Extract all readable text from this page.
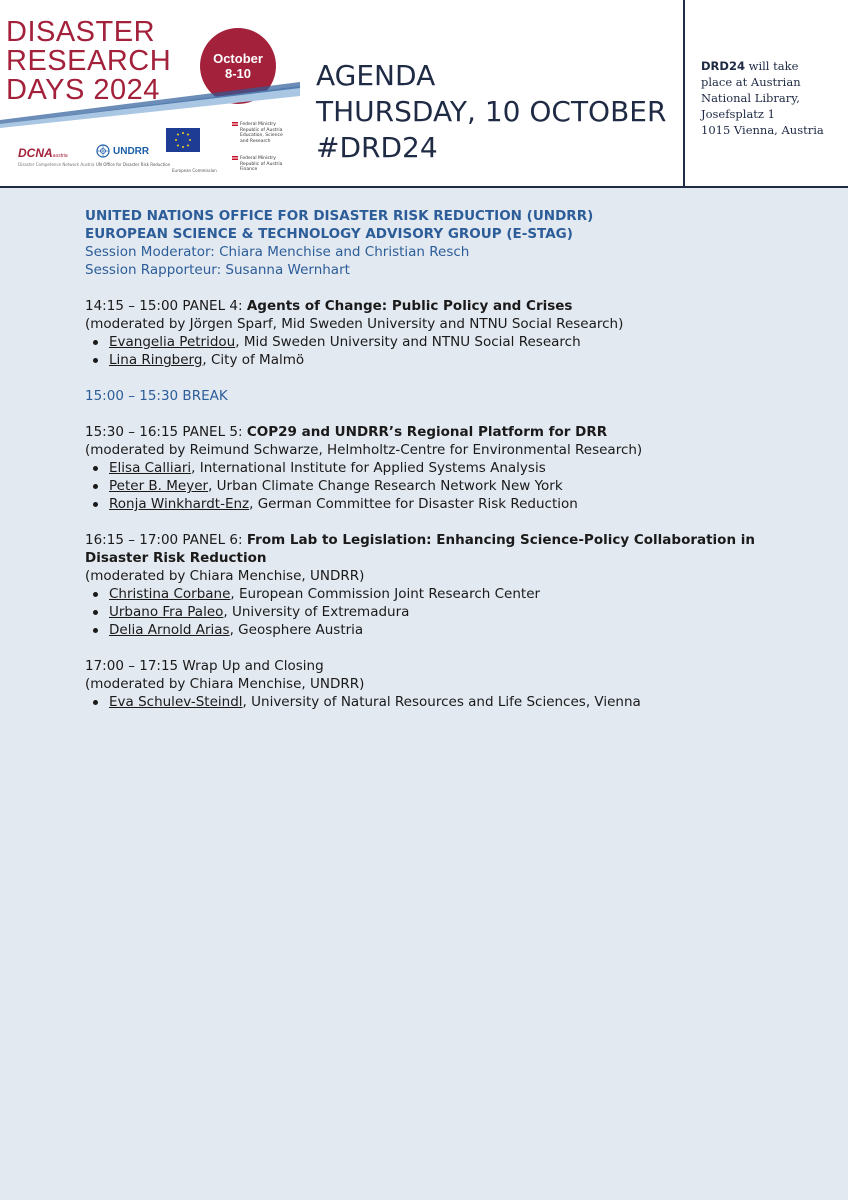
DISASTER
RESEARCH
DAYS 2024
October
8-10
DCNAaustria
Disaster Competence Network Austria
UNDRR
UN Office for Disaster Risk Reduction
European Commission
Federal Ministry
Republic of Austria
Education, Science
and Research
Federal Ministry
Republic of Austria
Finance
AGENDA
THURSDAY, 10 OCTOBER
#DRD24
DRD24 will take
place at Austrian
National Library,
Josefsplatz 1
1015 Vienna, Austria
UNITED NATIONS OFFICE FOR DISASTER RISK REDUCTION (UNDRR)
EUROPEAN SCIENCE & TECHNOLOGY ADVISORY GROUP (E-STAG)
Session Moderator: Chiara Menchise and Christian Resch
Session Rapporteur: Susanna Wernhart
14:15 – 15:00 PANEL 4: Agents of Change: Public Policy and Crises
(moderated by Jörgen Sparf, Mid Sweden University and NTNU Social Research)
Evangelia Petridou, Mid Sweden University and NTNU Social Research
Lina Ringberg, City of Malmö
15:00 – 15:30 BREAK
15:30 – 16:15 PANEL 5: COP29 and UNDRR’s Regional Platform for DRR
(moderated by Reimund Schwarze, Helmholtz-Centre for Environmental Research)
Elisa Calliari, International Institute for Applied Systems Analysis
Peter B. Meyer, Urban Climate Change Research Network New York
Ronja Winkhardt-Enz, German Committee for Disaster Risk Reduction
16:15 – 17:00 PANEL 6: From Lab to Legislation: Enhancing Science-Policy Collaboration in Disaster Risk Reduction
(moderated by Chiara Menchise, UNDRR)
Christina Corbane, European Commission Joint Research Center
Urbano Fra Paleo, University of Extremadura
Delia Arnold Arias, Geosphere Austria
17:00 – 17:15 Wrap Up and Closing
(moderated by Chiara Menchise, UNDRR)
Eva Schulev-Steindl, University of Natural Resources and Life Sciences, Vienna
